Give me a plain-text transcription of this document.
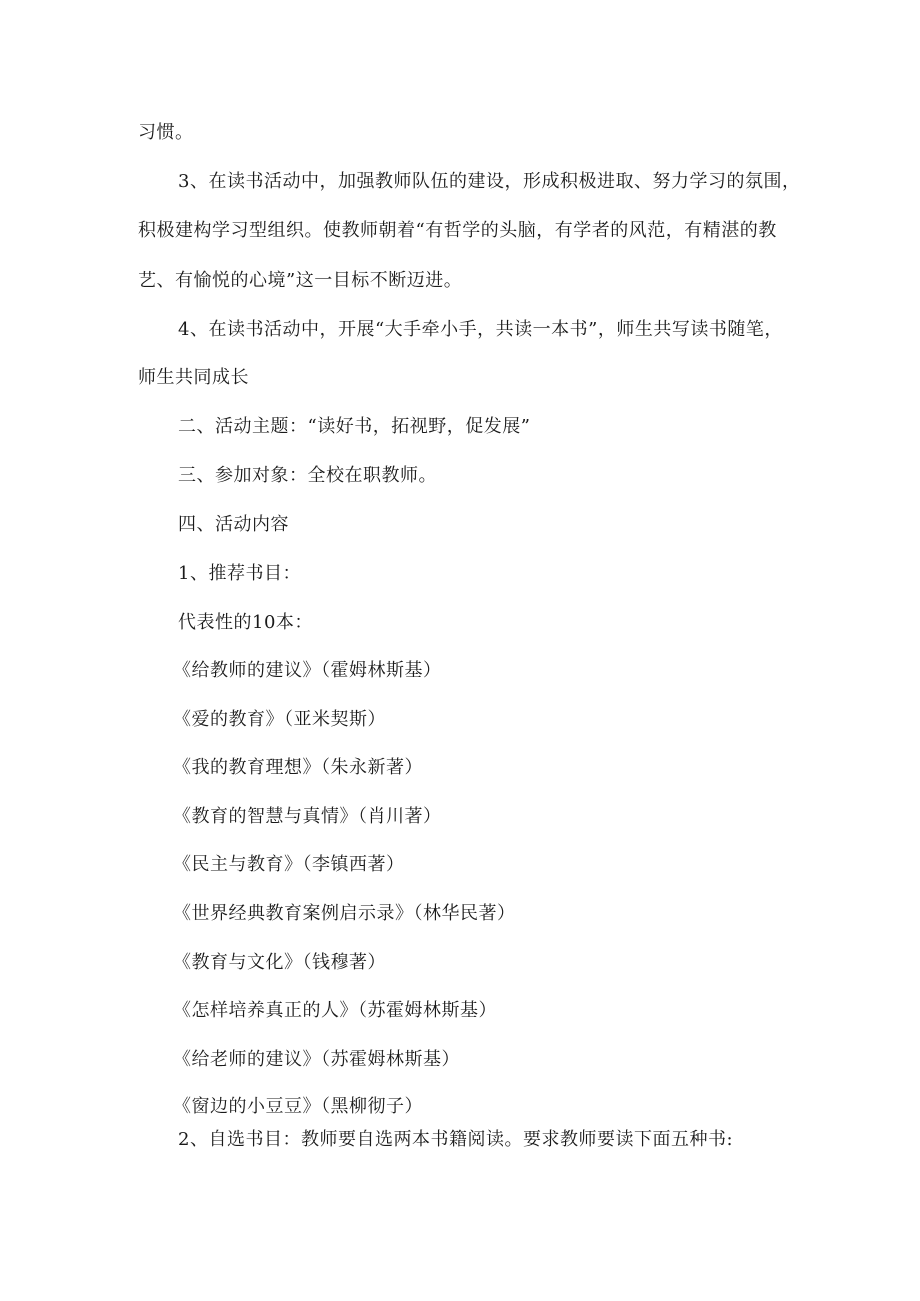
习惯。
3、在读书活动中，加强教师队伍的建设，形成积极进取、努力学习的氛围，
积极建构学习型组织。使教师朝着“有哲学的头脑，有学者的风范，有精湛的教
艺、有愉悦的心境”这一目标不断迈进。
4、在读书活动中，开展“大手牵小手，共读一本书”，师生共写读书随笔，
师生共同成长
二、活动主题：“读好书，拓视野，促发展”
三、参加对象：全校在职教师。
四、活动内容
1、推荐书目：
代表性的10本：
《给教师的建议》（霍姆林斯基）
《爱的教育》（亚米契斯）
《我的教育理想》（朱永新著）
《教育的智慧与真情》（肖川著）
《民主与教育》（李镇西著）
《世界经典教育案例启示录》（林华民著）
《教育与文化》（钱穆著）
《怎样培养真正的人》（苏霍姆林斯基）
《给老师的建议》（苏霍姆林斯基）
《窗边的小豆豆》（黑柳彻子）
2、自选书目：教师要自选两本书籍阅读。要求教师要读下面五种书:
